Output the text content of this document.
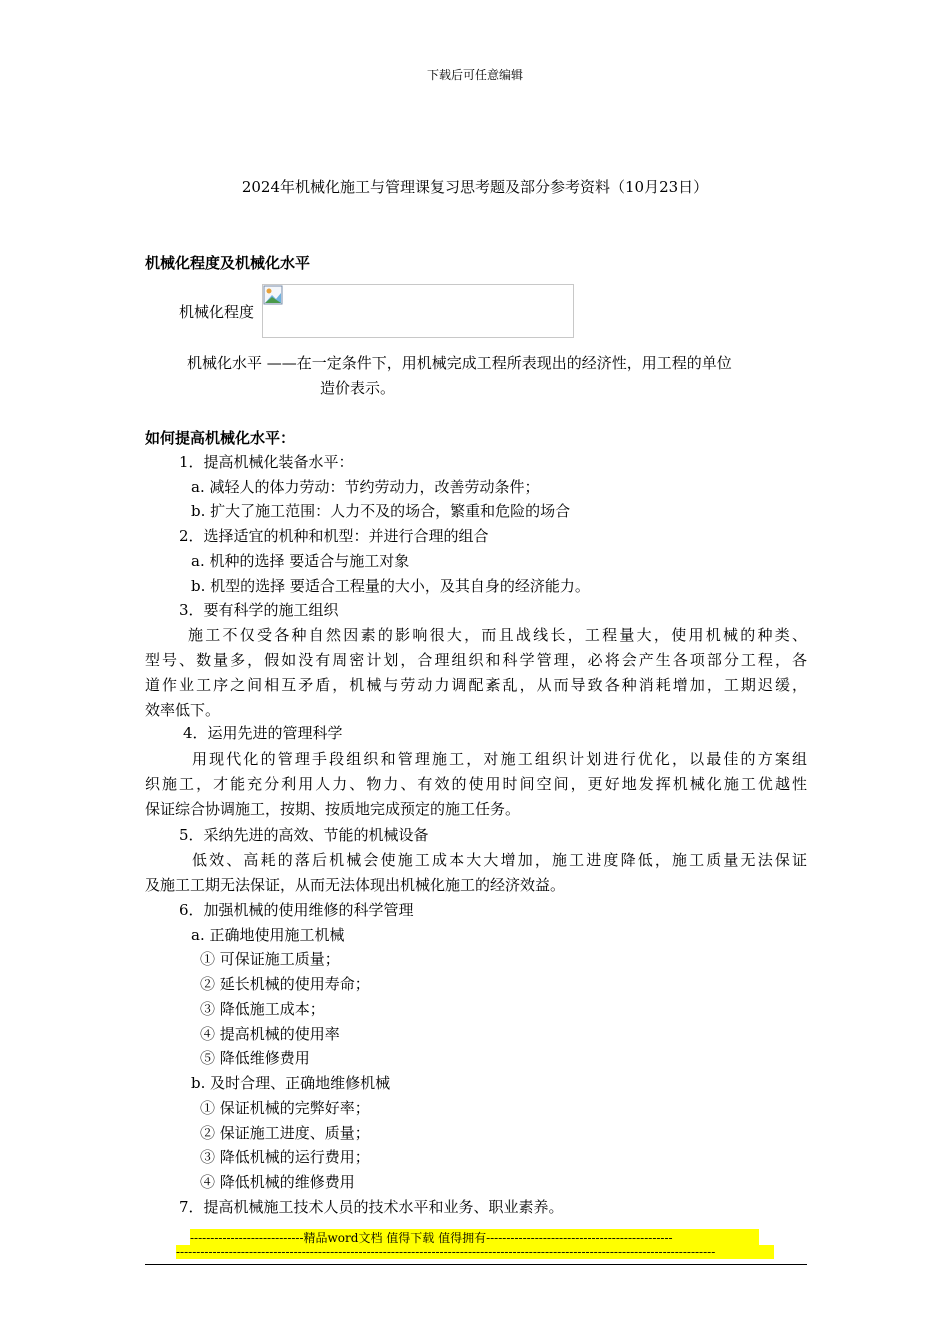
下载后可任意编辑
2024年机械化施工与管理课复习思考题及部分参考资料（10月23日）
机械化程度及机械化水平
机械化程度
机械化水平 ——在一定条件下，用机械完成工程所表现出的经济性，用工程的单位
造价表示。
如何提高机械化水平：
1．提高机械化装备水平：
a. 减轻人的体力劳动：节约劳动力，改善劳动条件；
b. 扩大了施工范围：人力不及的场合，繁重和危险的场合
2．选择适宜的机种和机型：并进行合理的组合
a. 机种的选择 要适合与施工对象
b. 机型的选择 要适合工程量的大小，及其自身的经济能力。
3．要有科学的施工组织
施工不仅受各种自然因素的影响很大，而且战线长，工程量大，使用机械的种类、
型号、数量多，假如没有周密计划，合理组织和科学管理，必将会产生各项部分工程，各
道作业工序之间相互矛盾，机械与劳动力调配紊乱，从而导致各种消耗增加，工期迟缓，
效率低下。
4．运用先进的管理科学
用现代化的管理手段组织和管理施工，对施工组织计划进行优化，以最佳的方案组
织施工，才能充分利用人力、物力、有效的使用时间空间，更好地发挥机械化施工优越性
保证综合协调施工，按期、按质地完成预定的施工任务。
5．采纳先进的高效、节能的机械设备
低效、高耗的落后机械会使施工成本大大增加，施工进度降低，施工质量无法保证
及施工工期无法保证，从而无法体现出机械化施工的经济效益。
6．加强机械的使用维修的科学管理
a. 正确地使用施工机械
① 可保证施工质量；
② 延长机械的使用寿命；
③ 降低施工成本；
④ 提高机械的使用率
⑤ 降低维修费用
b. 及时合理、正确地维修机械
① 保证机械的完弊好率；
② 保证施工进度、质量；
③ 降低机械的运行费用；
④ 降低机械的维修费用
7．提高机械施工技术人员的技术水平和业务、职业素养。
----------------------------精品word文档 值得下载 值得拥有----------------------------------------------
-------------------------------------------------------------------------------------------------------------------------------------
